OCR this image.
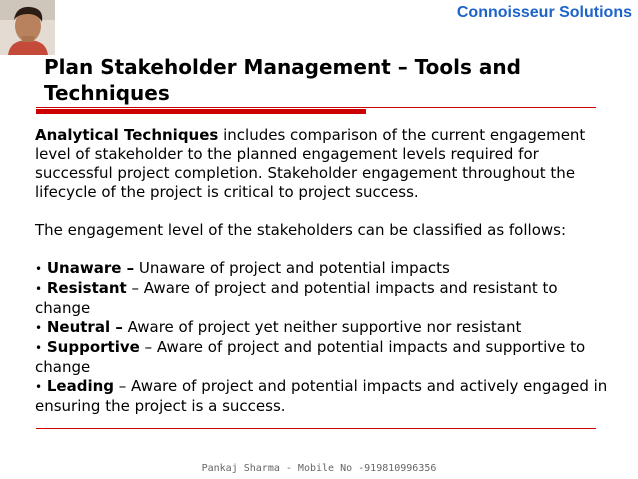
Connoisseur Solutions
Plan Stakeholder Management – Tools and Techniques

Analytical Techniques includes comparison of the current engagement level of stakeholder to the planned engagement levels required for successful project completion. Stakeholder engagement throughout the lifecycle of the project is critical to project success.

The engagement level of the stakeholders can be classified as follows:

• Unaware – Unaware of project and potential impacts

• Resistant – Aware of project and potential impacts and resistant to change

• Neutral – Aware of project yet neither supportive nor resistant

• Supportive – Aware of project and potential impacts and supportive to change

• Leading – Aware of project and potential impacts and actively engaged in ensuring the project is a success.

Pankaj Sharma - Mobile No -919810996356
